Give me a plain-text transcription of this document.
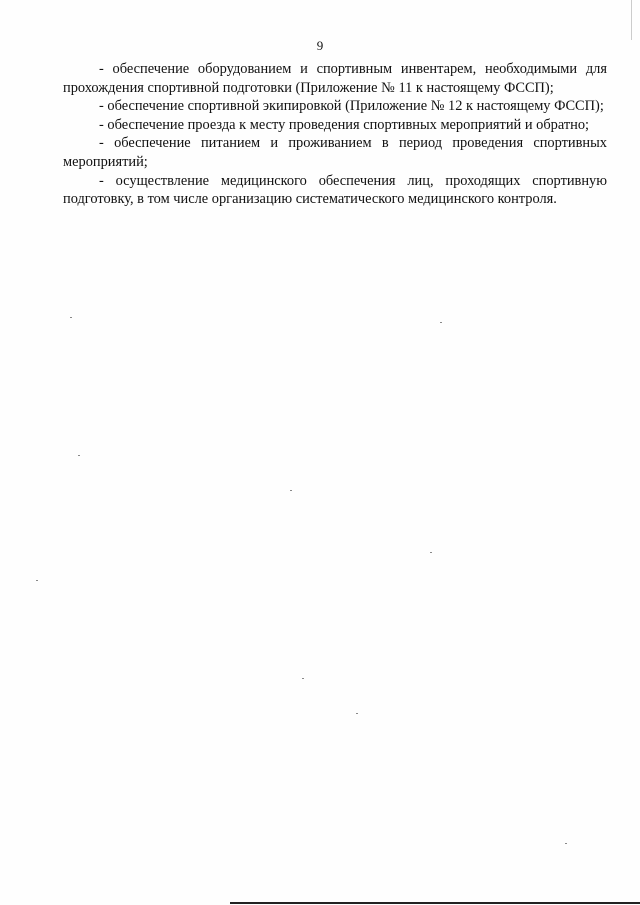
9

- обеспечение оборудованием и спортивным инвентарем, необходимыми для прохождения спортивной подготовки (Приложение № 11 к настоящему ФССП);

- обеспечение спортивной экипировкой (Приложение № 12 к настоящему ФССП);

- обеспечение проезда к месту проведения спортивных мероприятий и обратно;

- обеспечение питанием и проживанием в период проведения спортивных мероприятий;

- осуществление медицинского обеспечения лиц, проходящих спортивную подготовку, в том числе организацию систематического медицинского контроля.
